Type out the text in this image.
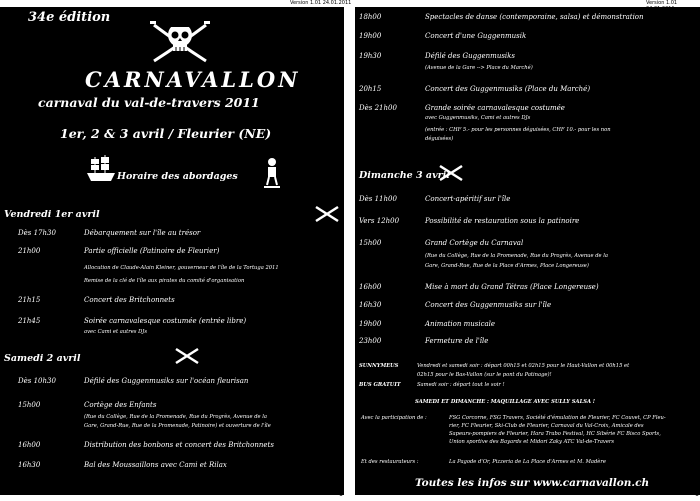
Version 1.01 24.01.2011
34e édition
CARNAVALLON
carnaval du val-de-travers 2011
1er, 2 & 3 avril / Fleurier (NE)
Horaire des abordages
Vendredi 1er avril
Dès 17h30	Débarquement sur l'île au trésor
21h00	Partie officielle (Patinoire de Fleurier)
Allocution de Claude-Alain Kleiner, gouverneur de l'île de la Tortuga 2011
Remise de la clé de l'île aux pirates du comité d'organisation
21h15	Concert des Britchonnets
21h45	Soirée carnavalesque costumée (entrée libre)
avec Cami et autres DJs
Samedi 2 avril
Dès 10h30	Défilé des Guggenmusiks sur l'océan fleurisan
15h00	Cortège des Enfants
(Rue du Collège, Rue de la Promenade, Rue du Progrès, Avenue de la
Gare, Grand-Rue, Rue de la Promenade, Patinoire) et ouverture de l'île
16h00	Distribution des bonbons et concert des Britchonnets
16h30	Bal des Moussaillons avec Cami et Rilax
1
Version 1.01
18h00	Spectacles de danse (contemporaine, salsa) et démonstration
19h00	Concert d'une Guggenmusik
19h30	Défilé des Guggenmusiks
(Avenue de la Gare --> Place du Marché)
20h15	Concert des Guggenmusiks (Place du Marché)
Dès 21h00	Grande soirée carnavalesque costumée
avec Guggenmusiks, Cami et autres DJs
(entrée : CHF 5.- pour les personnes déguisées, CHF 10.- pour les non
déguisées)
Dimanche 3 avril
Dès 11h00	Concert-apéritif sur l'île
Vers 12h00	Possibilité de restauration sous la patinoire
15h00	Grand Cortège du Carnaval
(Rue du Collège, Rue de la Promenade, Rue du Progrès, Avenue de la
Gare, Grand-Rue, Rue de la Place d'Armes, Place Longereuse)
16h00	Mise à mort du Grand Tétras (Place Longereuse)
16h30	Concert des Guggenmusiks sur l'île
19h00	Animation musicale
23h00	Fermeture de l'île
SUNNYMEUS	Vendredi et samedi soir : départ 00h15 et 02h15 pour le Haut-Vallon et 00h15 et
02h15 pour le Bas-Vallon (sur le pont du Patinage)!
BUS GRATUIT	Samedi soir : départ tout le soir !
SAMEDI ET DIMANCHE : MAQUILLAGE AVEC SULLY SALSA !
Avec la participation de :	FSG Corcorne, FSG Travers, Société d'émulation de Fleurier, FC Couvet, CP Fleu-
rier, FC Fleurier, Ski-Club de Fleurier, Carnaval du Val-Croix, Amicale des
Sapeurs-pompiers de Fleurier, Hara Trabo Festival, HC Sibérie FC Bisco Sports,
Union sportive des Bayards et Midori Zaky ATC Val-de-Travers
Et des restaurateurs :	La Pagode d'Or, Pizzeria de La Place d'Armes et M. Madère
Toutes les infos sur www.carnavallon.ch
1
